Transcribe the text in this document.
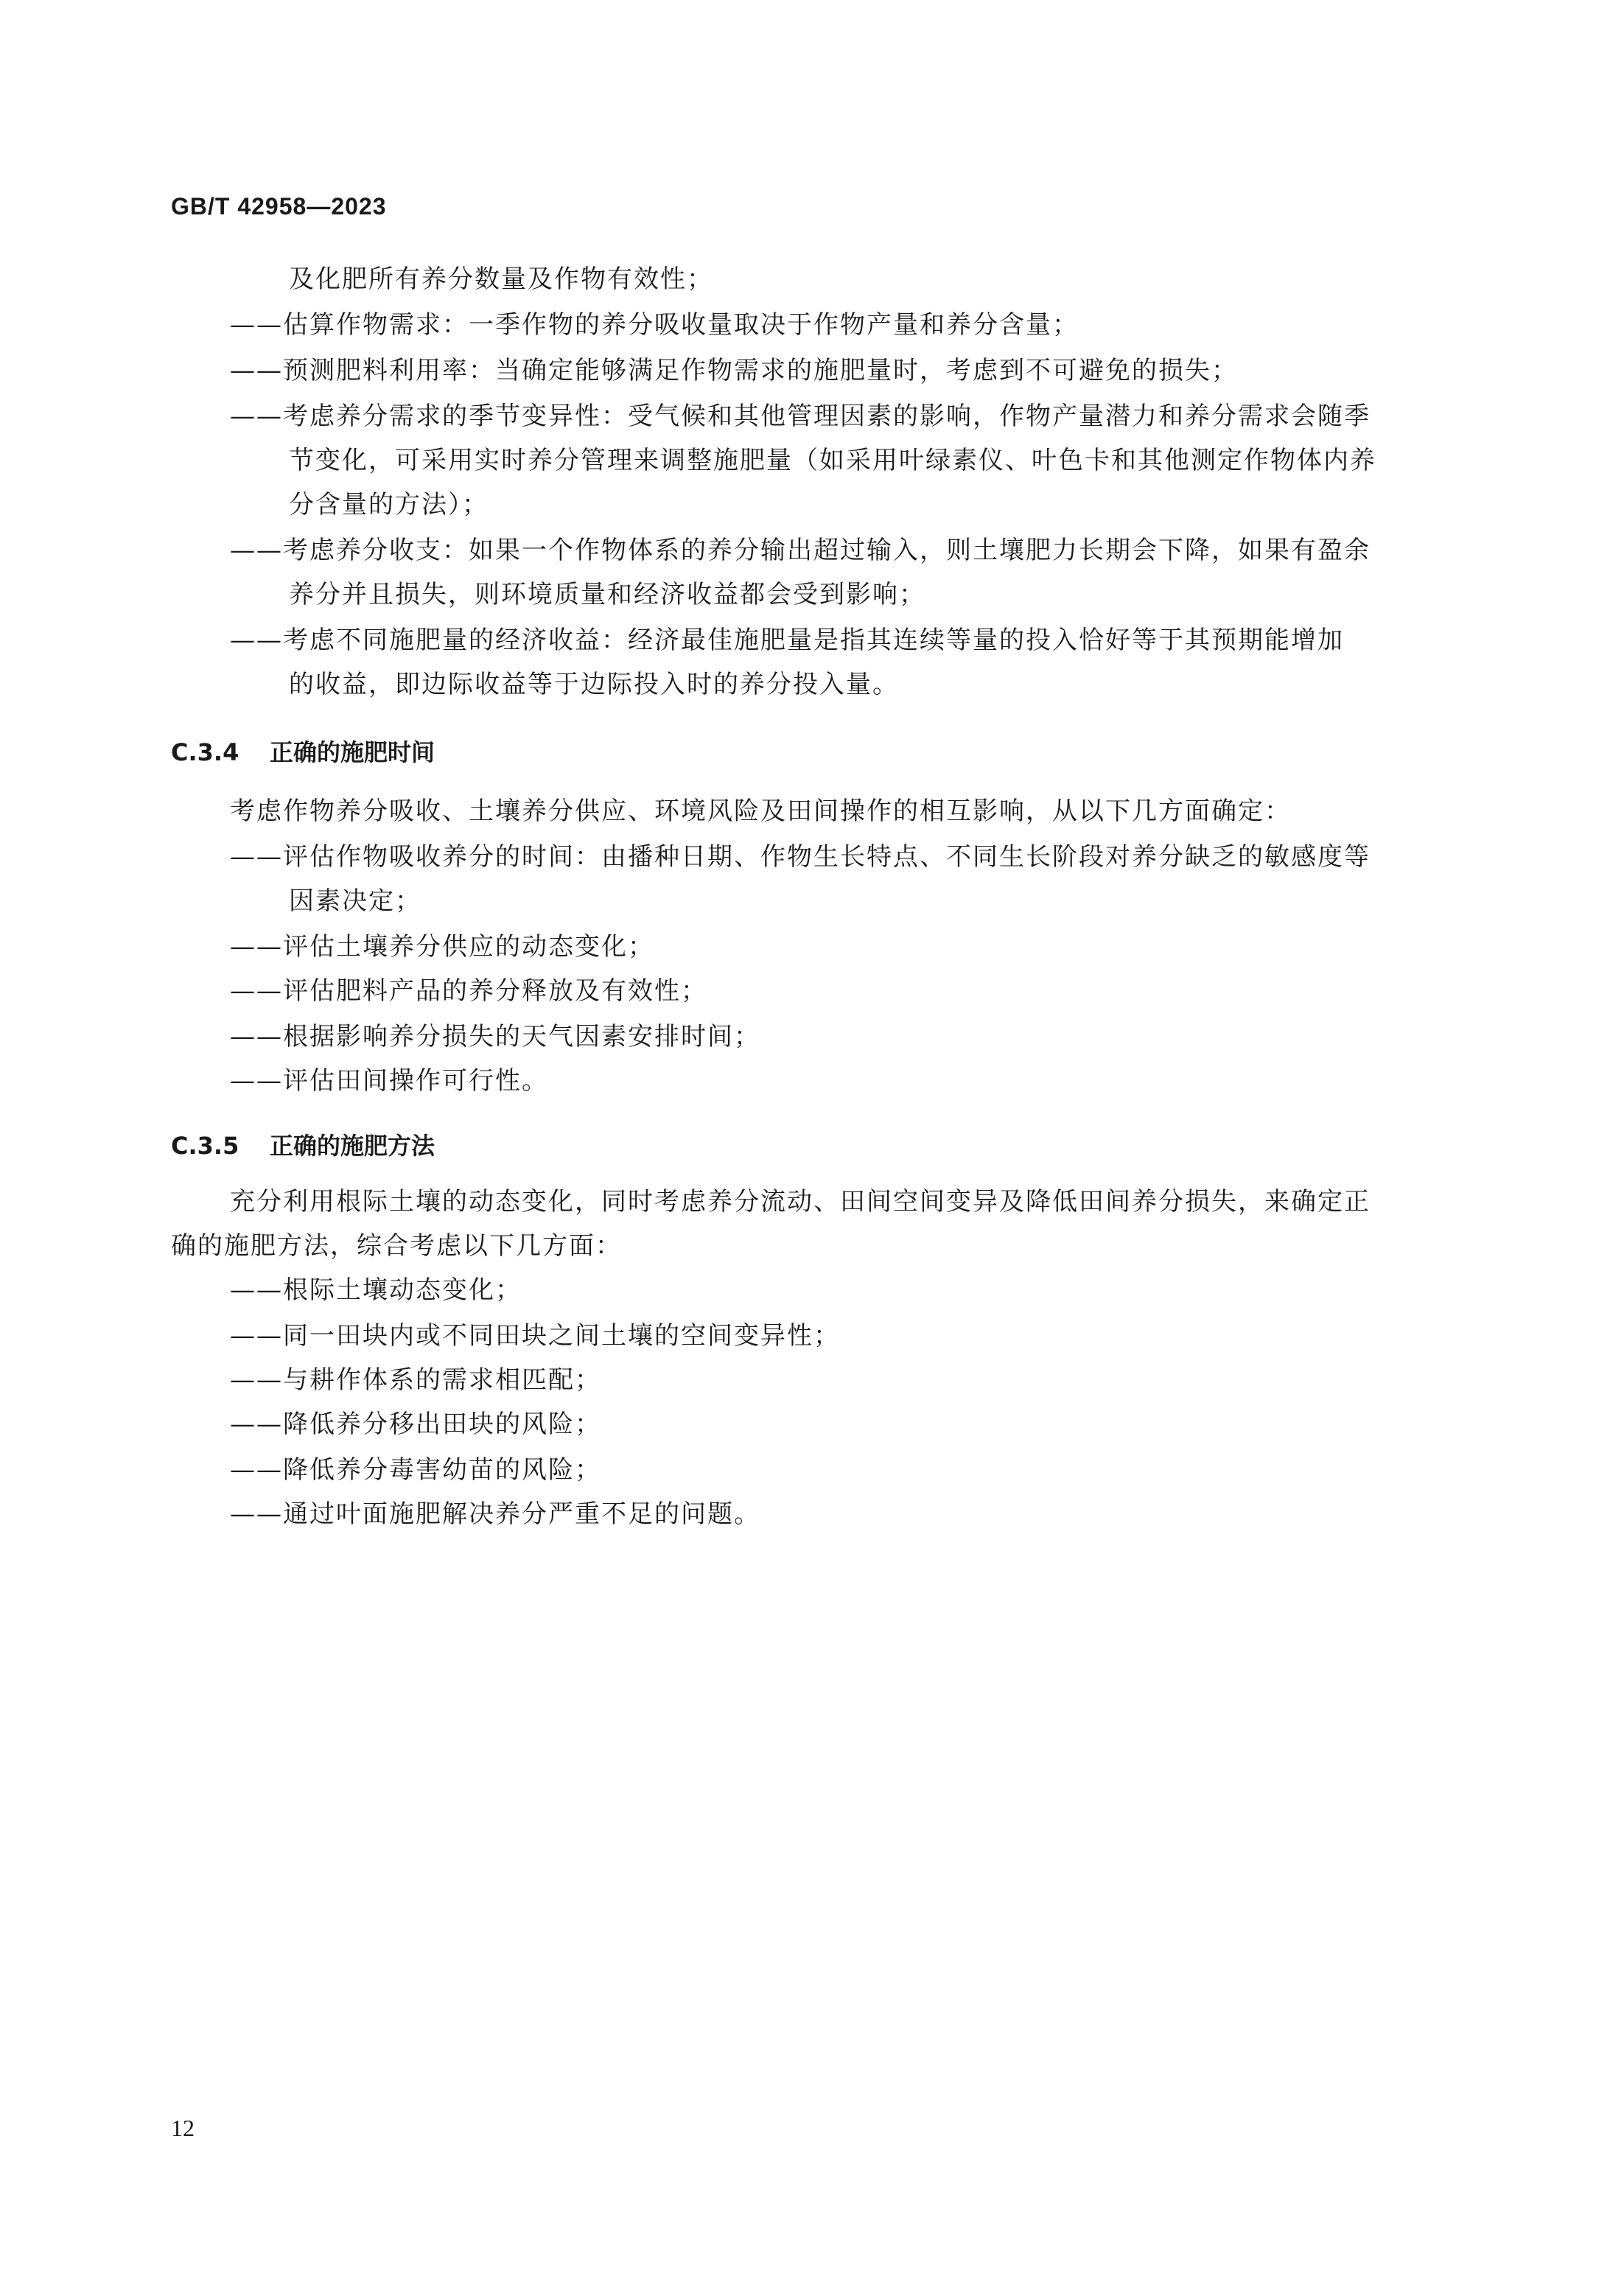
GB/T 42958—2023
及化肥所有养分数量及作物有效性；
——估算作物需求：一季作物的养分吸收量取决于作物产量和养分含量；
——预测肥料利用率：当确定能够满足作物需求的施肥量时，考虑到不可避免的损失；
——考虑养分需求的季节变异性：受气候和其他管理因素的影响，作物产量潜力和养分需求会随季
节变化，可采用实时养分管理来调整施肥量（如采用叶绿素仪、叶色卡和其他测定作物体内养
分含量的方法）；
——考虑养分收支：如果一个作物体系的养分输出超过输入，则土壤肥力长期会下降，如果有盈余
养分并且损失，则环境质量和经济收益都会受到影响；
——考虑不同施肥量的经济收益：经济最佳施肥量是指其连续等量的投入恰好等于其预期能增加
的收益，即边际收益等于边际投入时的养分投入量。
C.3.4 正确的施肥时间
考虑作物养分吸收、土壤养分供应、环境风险及田间操作的相互影响，从以下几方面确定：
——评估作物吸收养分的时间：由播种日期、作物生长特点、不同生长阶段对养分缺乏的敏感度等
因素决定；
——评估土壤养分供应的动态变化；
——评估肥料产品的养分释放及有效性；
——根据影响养分损失的天气因素安排时间；
——评估田间操作可行性。
C.3.5 正确的施肥方法
充分利用根际土壤的动态变化，同时考虑养分流动、田间空间变异及降低田间养分损失，来确定正
确的施肥方法，综合考虑以下几方面：
——根际土壤动态变化；
——同一田块内或不同田块之间土壤的空间变异性；
——与耕作体系的需求相匹配；
——降低养分移出田块的风险；
——降低养分毒害幼苗的风险；
——通过叶面施肥解决养分严重不足的问题。
12
